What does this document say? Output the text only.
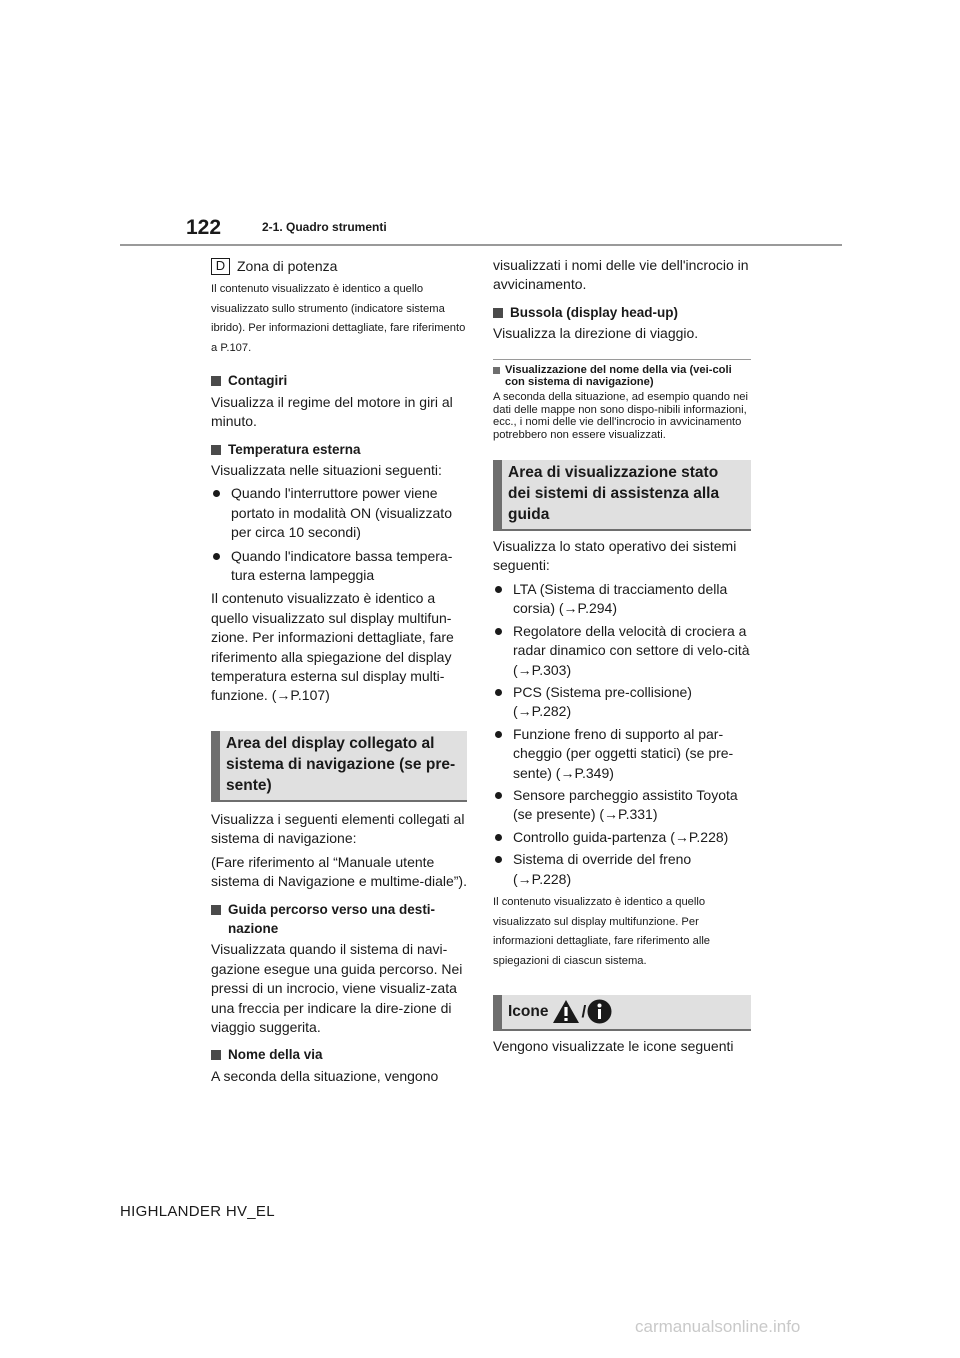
122	2-1. Quadro strumenti
D Zona di potenza

Il contenuto visualizzato è identico a quello visualizzato sullo strumento (indicatore sistema ibrido). Per informazioni dettagliate, fare riferimento a P.107.

Contagiri

Visualizza il regime del motore in giri al minuto.

Temperatura esterna

Visualizzata nelle situazioni seguenti:

Quando l'interruttore power viene portato in modalità ON (visualizzato per circa 10 secondi)
Quando l'indicatore bassa tempera-tura esterna lampeggia

Il contenuto visualizzato è identico a quello visualizzato sul display multifun-zione. Per informazioni dettagliate, fare riferimento alla spiegazione del display temperatura esterna sul display multi-funzione. (→P.107)

Area del display collegato al sistema di navigazione (se pre-sente)

Visualizza i seguenti elementi collegati al sistema di navigazione:

(Fare riferimento al “Manuale utente sistema di Navigazione e multime-diale”).

Guida percorso verso una desti-nazione

Visualizzata quando il sistema di navi-gazione esegue una guida percorso. Nei pressi di un incrocio, viene visualiz-zata una freccia per indicare la dire-zione di viaggio suggerita.

Nome della via

A seconda della situazione, vengono

visualizzati i nomi delle vie dell'incrocio in avvicinamento.

Bussola (display head-up)

Visualizza la direzione di viaggio.

Visualizzazione del nome della via (vei-coli con sistema di navigazione)

A seconda della situazione, ad esempio quando nei dati delle mappe non sono dispo-nibili informazioni, ecc., i nomi delle vie dell'incrocio in avvicinamento potrebbero non essere visualizzati.

Area di visualizzazione stato dei sistemi di assistenza alla guida

Visualizza lo stato operativo dei sistemi seguenti:

LTA (Sistema di tracciamento della corsia) (→P.294)
Regolatore della velocità di crociera a radar dinamico con settore di velo-cità (→P.303)
PCS (Sistema pre-collisione) (→P.282)
Funzione freno di supporto al par-cheggio (per oggetti statici) (se pre-sente) (→P.349)
Sensore parcheggio assistito Toyota (se presente) (→P.331)
Controllo guida-partenza (→P.228)
Sistema di override del freno (→P.228)

Il contenuto visualizzato è identico a quello visualizzato sul display multifunzione. Per informazioni dettagliate, fare riferimento alle spiegazioni di ciascun sistema.

Icone /

Vengono visualizzate le icone seguenti

HIGHLANDER HV_EL
carmanualsonline.info
